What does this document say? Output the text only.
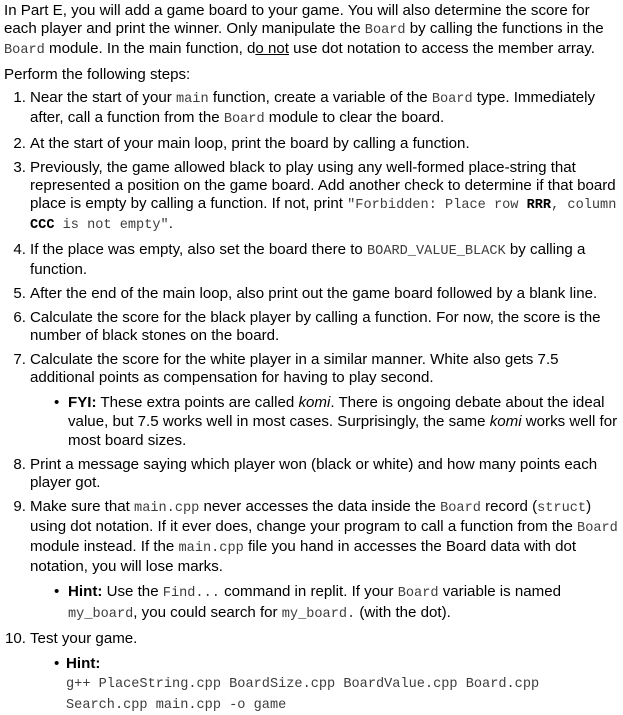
In Part E, you will add a game board to your game. You will also determine the score for each player and print the winner. Only manipulate the Board by calling the functions in the Board module. In the main function, do not use dot notation to access the member array.

Perform the following steps:

1. Near the start of your main function, create a variable of the Board type. Immediately after, call a function from the Board module to clear the board.
2. At the start of your main loop, print the board by calling a function.
3. Previously, the game allowed black to play using any well-formed place-string that represented a position on the game board. Add another check to determine if that board place is empty by calling a function. If not, print "Forbidden: Place row RRR, column CCC is not empty".
4. If the place was empty, also set the board there to BOARD_VALUE_BLACK by calling a function.
5. After the end of the main loop, also print out the game board followed by a blank line.
6. Calculate the score for the black player by calling a function. For now, the score is the number of black stones on the board.
7. Calculate the score for the white player in a similar manner. White also gets 7.5 additional points as compensation for having to play second.
• FYI: These extra points are called komi. There is ongoing debate about the ideal value, but 7.5 works well in most cases. Surprisingly, the same komi works well for most board sizes.
8. Print a message saying which player won (black or white) and how many points each player got.
9. Make sure that main.cpp never accesses the data inside the Board record (struct) using dot notation. If it ever does, change your program to call a function from the Board module instead. If the main.cpp file you hand in accesses the Board data with dot notation, you will lose marks.
• Hint: Use the Find... command in replit. If your Board variable is named my_board, you could search for my_board. (with the dot).
10. Test your game.
• Hint:
g++ PlaceString.cpp BoardSize.cpp BoardValue.cpp Board.cpp
Search.cpp main.cpp -o game
